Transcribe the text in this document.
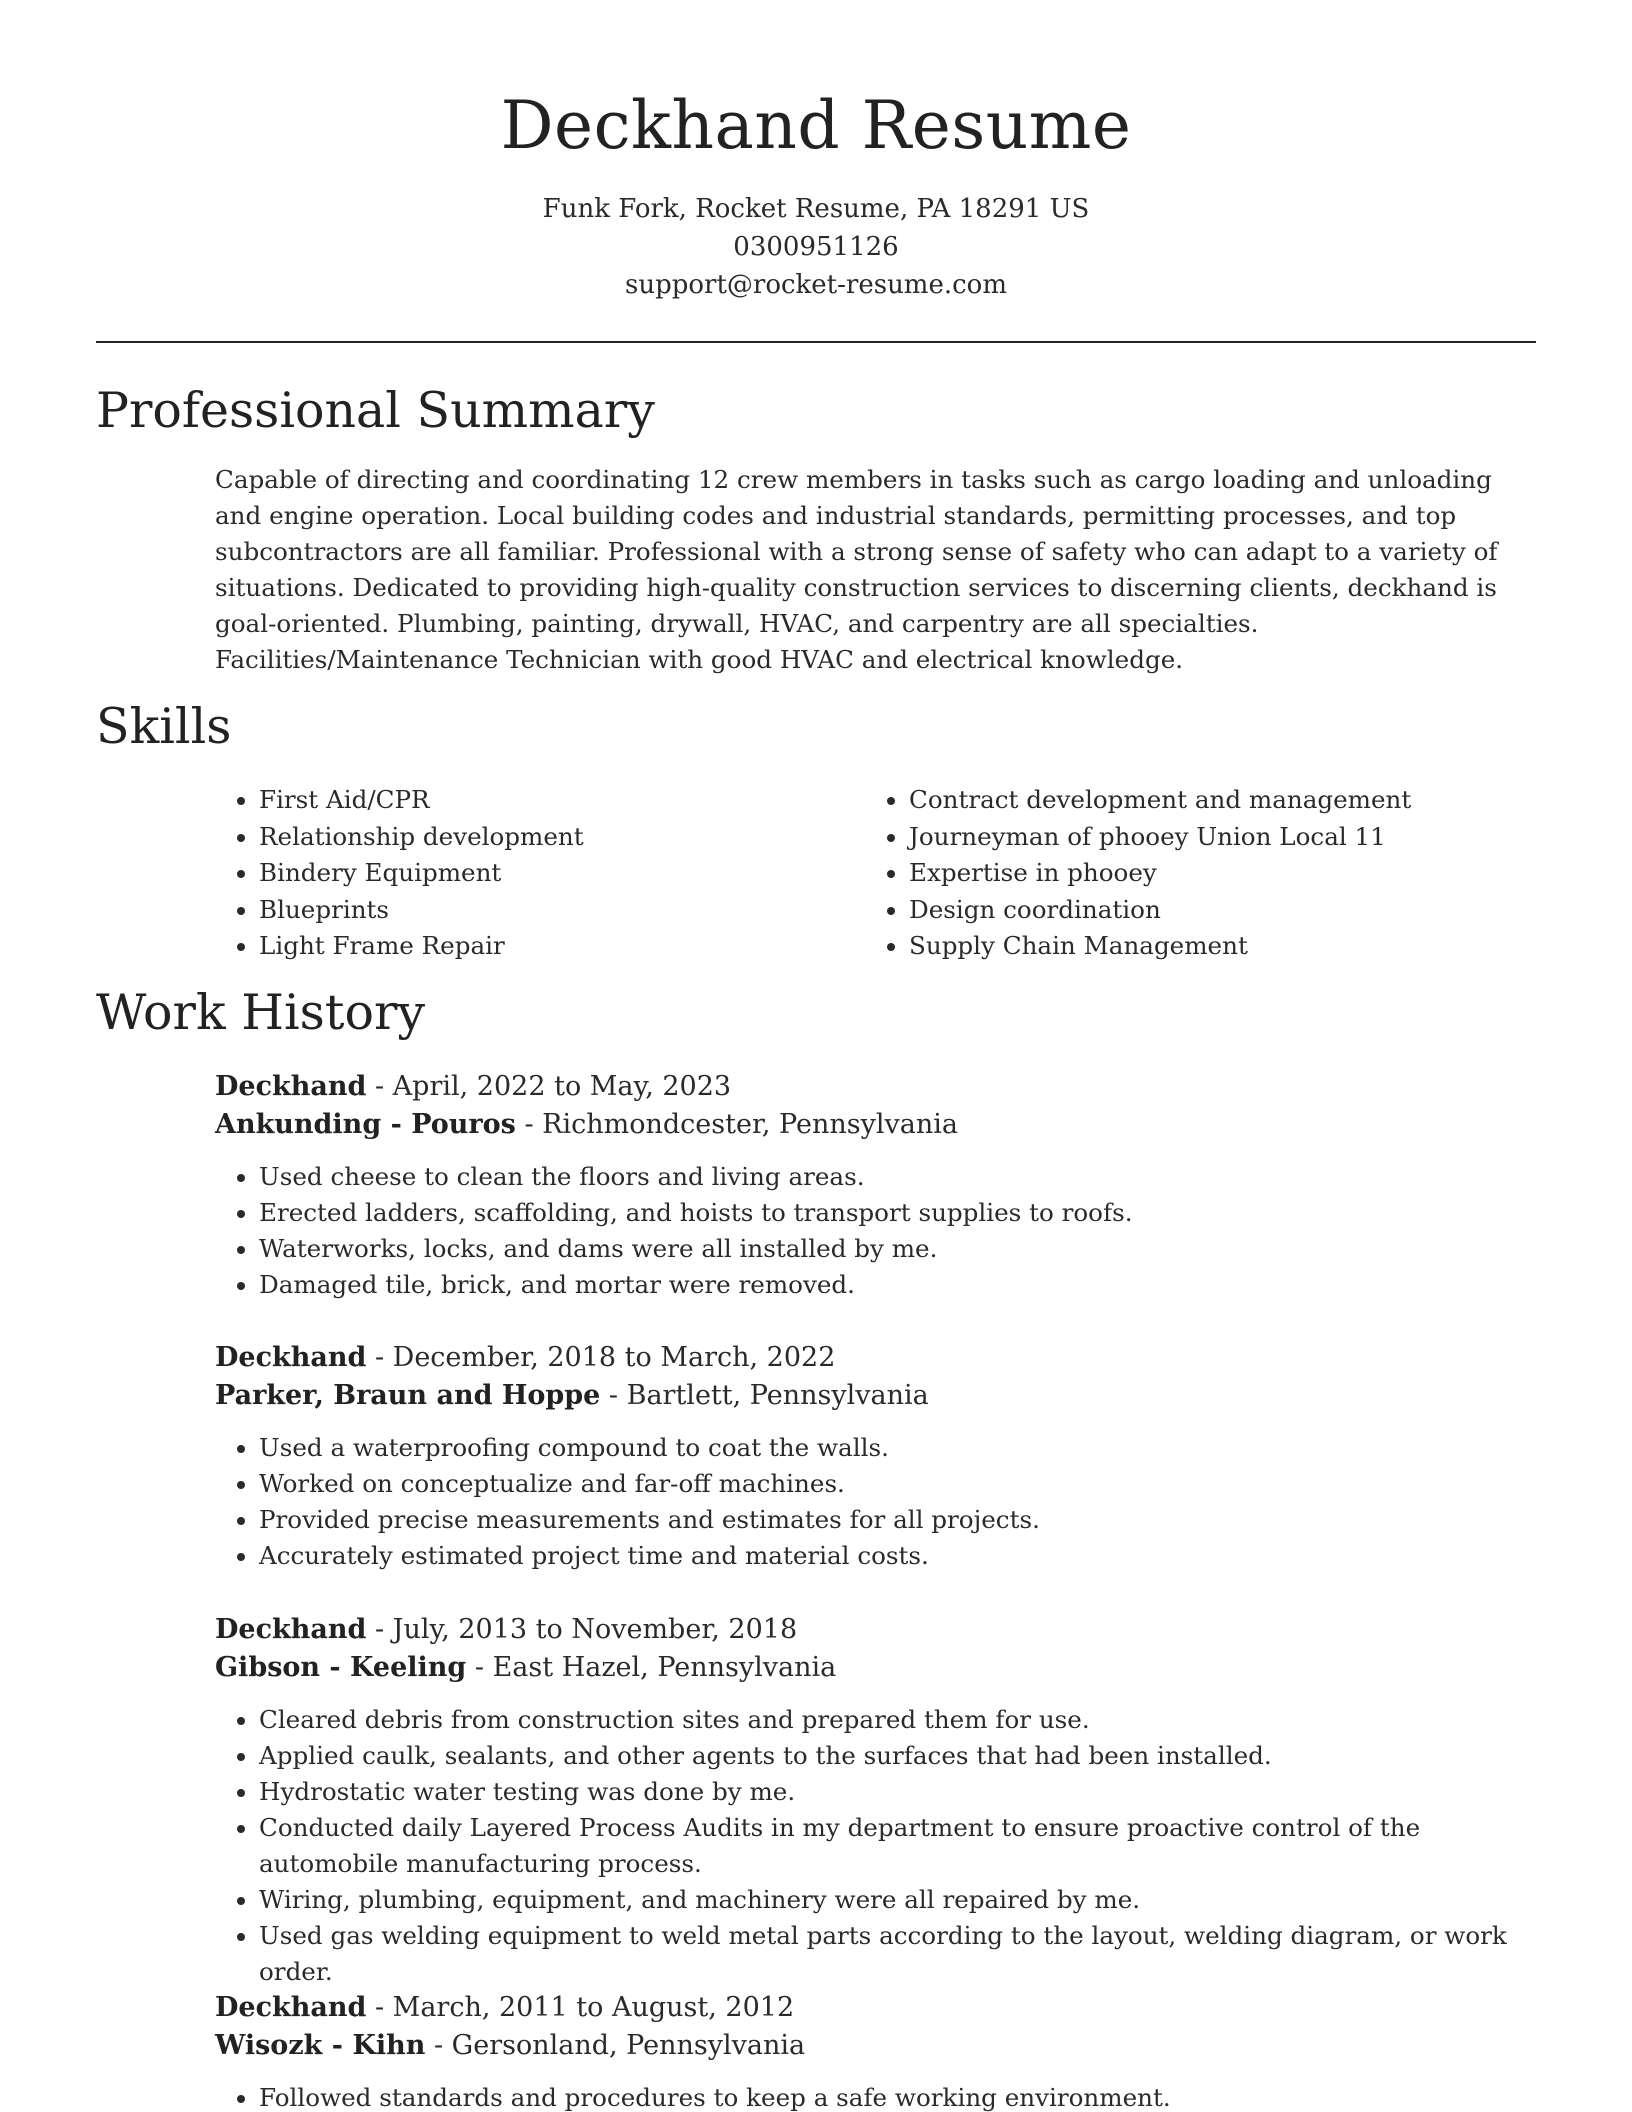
Deckhand Resume
Funk Fork, Rocket Resume, PA 18291 US
0300951126
support@rocket-resume.com
Professional Summary

Capable of directing and coordinating 12 crew members in tasks such as cargo loading and unloading and engine operation. Local building codes and industrial standards, permitting processes, and top subcontractors are all familiar. Professional with a strong sense of safety who can adapt to a variety of situations. Dedicated to providing high-quality construction services to discerning clients, deckhand is goal-oriented. Plumbing, painting, drywall, HVAC, and carpentry are all specialties. Facilities/Maintenance Technician with good HVAC and electrical knowledge.

Skills
• First Aid/CPR
• Relationship development
• Bindery Equipment
• Blueprints
• Light Frame Repair
• Contract development and management
• Journeyman of phooey Union Local 11
• Expertise in phooey
• Design coordination
• Supply Chain Management
Work History
Deckhand - April, 2022 to May, 2023
Ankunding - Pouros - Richmondcester, Pennsylvania
• Used cheese to clean the floors and living areas.
• Erected ladders, scaffolding, and hoists to transport supplies to roofs.
• Waterworks, locks, and dams were all installed by me.
• Damaged tile, brick, and mortar were removed.
Deckhand - December, 2018 to March, 2022
Parker, Braun and Hoppe - Bartlett, Pennsylvania
• Used a waterproofing compound to coat the walls.
• Worked on conceptualize and far-off machines.
• Provided precise measurements and estimates for all projects.
• Accurately estimated project time and material costs.
Deckhand - July, 2013 to November, 2018
Gibson - Keeling - East Hazel, Pennsylvania
• Cleared debris from construction sites and prepared them for use.
• Applied caulk, sealants, and other agents to the surfaces that had been installed.
• Hydrostatic water testing was done by me.
• Conducted daily Layered Process Audits in my department to ensure proactive control of the automobile manufacturing process.
• Wiring, plumbing, equipment, and machinery were all repaired by me.
• Used gas welding equipment to weld metal parts according to the layout, welding diagram, or work order.
Deckhand - March, 2011 to August, 2012
Wisozk - Kihn - Gersonland, Pennsylvania
• Followed standards and procedures to keep a safe working environment.
